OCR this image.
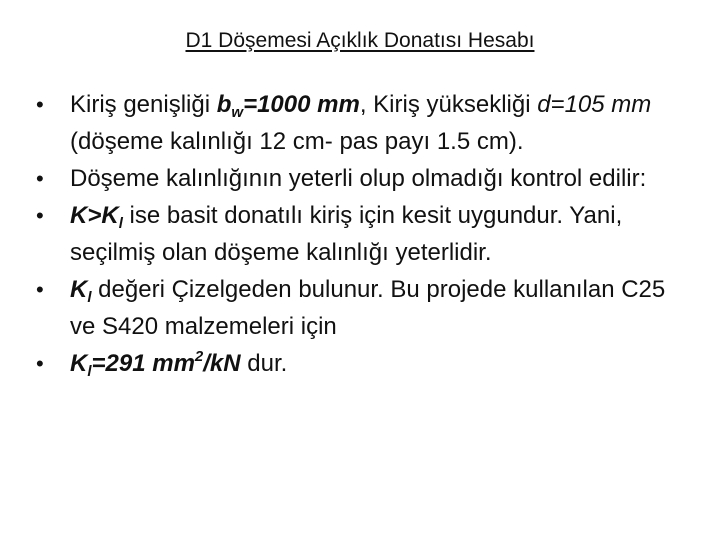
D1 Döşemesi Açıklık Donatısı Hesabı
• Kiriş genişliği $b_w=1000$ mm, Kiriş yüksekliği d=105 mm (döşeme kalınlığı 12 cm- pas payı 1.5 cm).
• Döşeme kalınlığının yeterli olup olmadığı kontrol edilir:
• $K>K_l$ ise basit donatılı kiriş için kesit uygundur. Yani, seçilmiş olan döşeme kalınlığı yeterlidir.
• $K_l$ değeri Çizelgeden bulunur. Bu projede kullanılan C25 ve S420 malzemeleri için
• $K_l=291$ $mm^2/kN$ dur.
